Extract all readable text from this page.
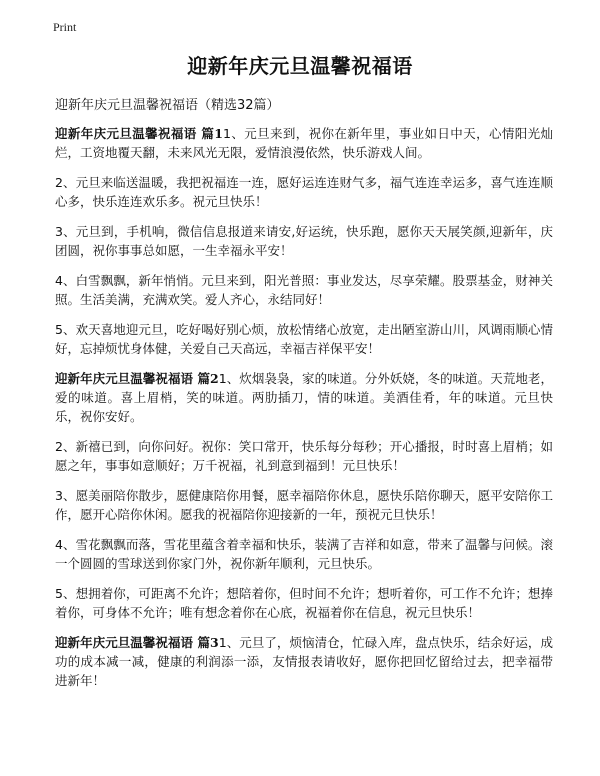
Print
迎新年庆元旦温馨祝福语

迎新年庆元旦温馨祝福语（精选32篇）

迎新年庆元旦温馨祝福语 篇11、元旦来到，祝你在新年里，事业如日中天，心情阳光灿烂，工资地覆天翻，未来风光无限，爱情浪漫依然，快乐游戏人间。

2、元旦来临送温暖，我把祝福连一连，愿好运连连财气多，福气连连幸运多，喜气连连顺心多，快乐连连欢乐多。祝元旦快乐！

3、元旦到，手机响，微信信息报道来请安,好运统，快乐跑，愿你天天展笑颜,迎新年，庆团圆，祝你事事总如愿，一生幸福永平安！

4、白雪飘飘，新年悄悄。元旦来到，阳光普照：事业发达，尽享荣耀。股票基金，财神关照。生活美满，充满欢笑。爱人齐心，永结同好！

5、欢天喜地迎元旦，吃好喝好别心烦，放松情绪心放宽，走出陋室游山川，风调雨顺心情好，忘掉烦忧身体健，关爱自己天高远，幸福吉祥保平安！

迎新年庆元旦温馨祝福语 篇21、炊烟袅袅，家的味道。分外妖娆，冬的味道。天荒地老，爱的味道。喜上眉梢，笑的味道。两肋插刀，情的味道。美酒佳肴，年的味道。元旦快乐，祝你安好。

2、新禧已到，向你问好。祝你：笑口常开，快乐每分每秒；开心播报，时时喜上眉梢；如愿之年，事事如意顺好；万千祝福，礼到意到福到！元旦快乐！

3、愿美丽陪你散步，愿健康陪你用餐，愿幸福陪你休息，愿快乐陪你聊天，愿平安陪你工作，愿开心陪你休闲。愿我的祝福陪你迎接新的一年，预祝元旦快乐！

4、雪花飘飘而落，雪花里蕴含着幸福和快乐，装满了吉祥和如意，带来了温馨与问候。滚一个圆圆的雪球送到你家门外，祝你新年顺利，元旦快乐。

5、想拥着你，可距离不允许；想陪着你，但时间不允许；想听着你，可工作不允许；想捧着你，可身体不允许；唯有想念着你在心底，祝福着你在信息，祝元旦快乐！

迎新年庆元旦温馨祝福语 篇31、元旦了，烦恼清仓，忙碌入库，盘点快乐，结余好运，成功的成本减一减，健康的利润添一添，友情报表请收好，愿你把回忆留给过去，把幸福带进新年！
